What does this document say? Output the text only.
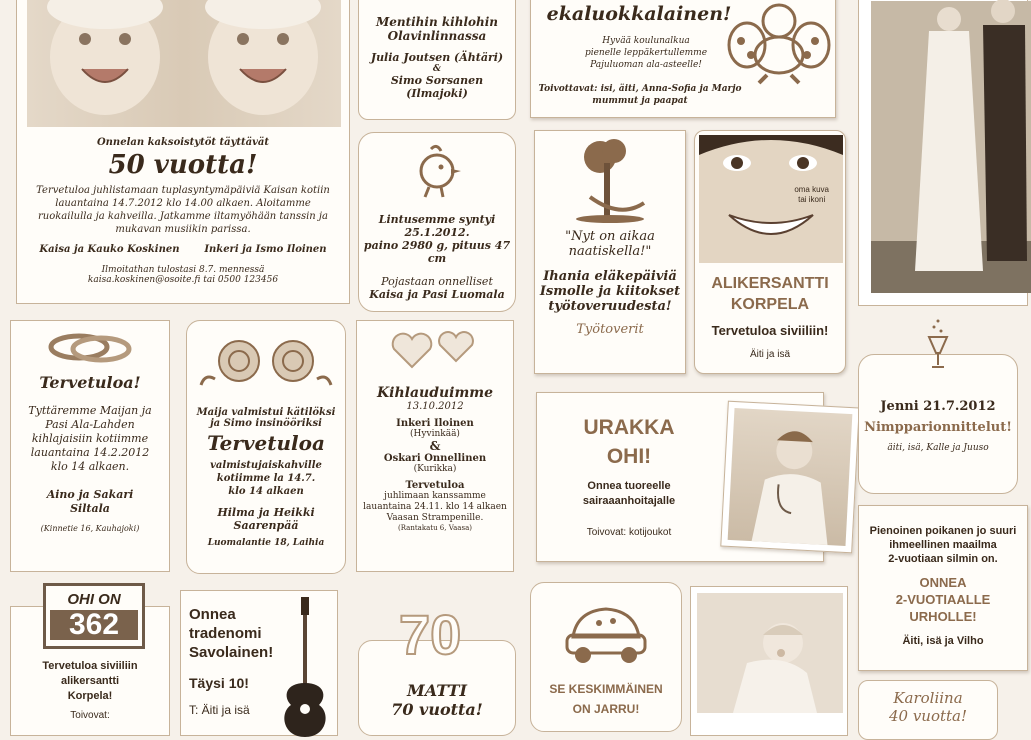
Onnelan kaksoistytöt täyttävät
50 vuotta!
Tervetuloa juhlistamaan tuplasyntymäpäiviä Kaisan kotiin lauantaina 14.7.2012 klo 14.00 alkaen. Aloitamme ruokailulla ja kahveilla. Jatkamme iltamyöhään tanssin ja mukavan musiikin parissa.
Kaisa ja Kauko Koskinen Inkeri ja Ismo Iloinen
Ilmoitathan tulostasi 8.7. mennessä
kaisa.koskinen@osoite.fi tai 0500 123456
Mentihin kihlohin
Olavinlinnassa
Julia Joutsen (Ähtäri)
&
Simo Sorsanen (Ilmajoki)
ekaluokkalainen!
Hyvää koulunalkua
pienelle leppäkertullemme
Pajuluoman ala-asteelle!
Toivottavat: isi, äiti, Anna-Sofia ja Marjo
mummut ja paapat
Lintusemme syntyi
25.1.2012.
paino 2980 g, pituus 47 cm
Pojastaan onnelliset
Kaisa ja Pasi Luomala
"Nyt on aikaa
naatiskella!"
Ihania eläkepäiviä
Ismolle ja kiitokset
työtoveruudesta!
Työtoverit
oma kuva
tai ikoni
ALIKERSANTTI
KORPELA
Tervetuloa siviiliin!
Äiti ja isä
Tervetuloa!
Tyttäremme Maijan ja
Pasi Ala-Lahden
kihlajaisiin kotiimme
lauantaina 14.2.2012
klo 14 alkaen.
Aino ja Sakari
Siltala
(Kinnetie 16, Kauhajoki)
Maija valmistui kätilöksi
ja Simo insinööriksi
Tervetuloa
valmistujaiskahville
kotiimme la 14.7.
klo 14 alkaen
Hilma ja Heikki
Saarenpää
Luomalantie 18, Laihia
Kihlauduimme
13.10.2012
Inkeri Iloinen
(Hyvinkää)
&
Oskari Onnellinen
(Kurikka)
Tervetuloa
juhlimaan kanssamme
lauantaina 24.11. klo 14 alkaen
Vaasan Strampenille.
(Rantakatu 6, Vaasa)
URAKKA
OHI!
Onnea tuoreelle
sairaaanhoitajalle
Toivovat: kotijoukot
Jenni 21.7.2012
Nimpparionnittelut!
äiti, isä, Kalle ja Juuso
Pienoinen poikanen jo suuri
ihmeellinen maailma
2-vuotiaan silmin on.
ONNEA
2-VUOTIAALLE
URHOLLE!
Äiti, isä ja Vilho
OHI ON
362
Tervetuloa siviiliin
alikersantti
Korpela!
Toivovat:
Onnea
tradenomi
Savolainen!
Täysi 10!
T: Äiti ja isä
70
MATTI
70 vuotta!
SE KESKIMMÄINEN
ON JARRU!
Karoliina
40 vuotta!
